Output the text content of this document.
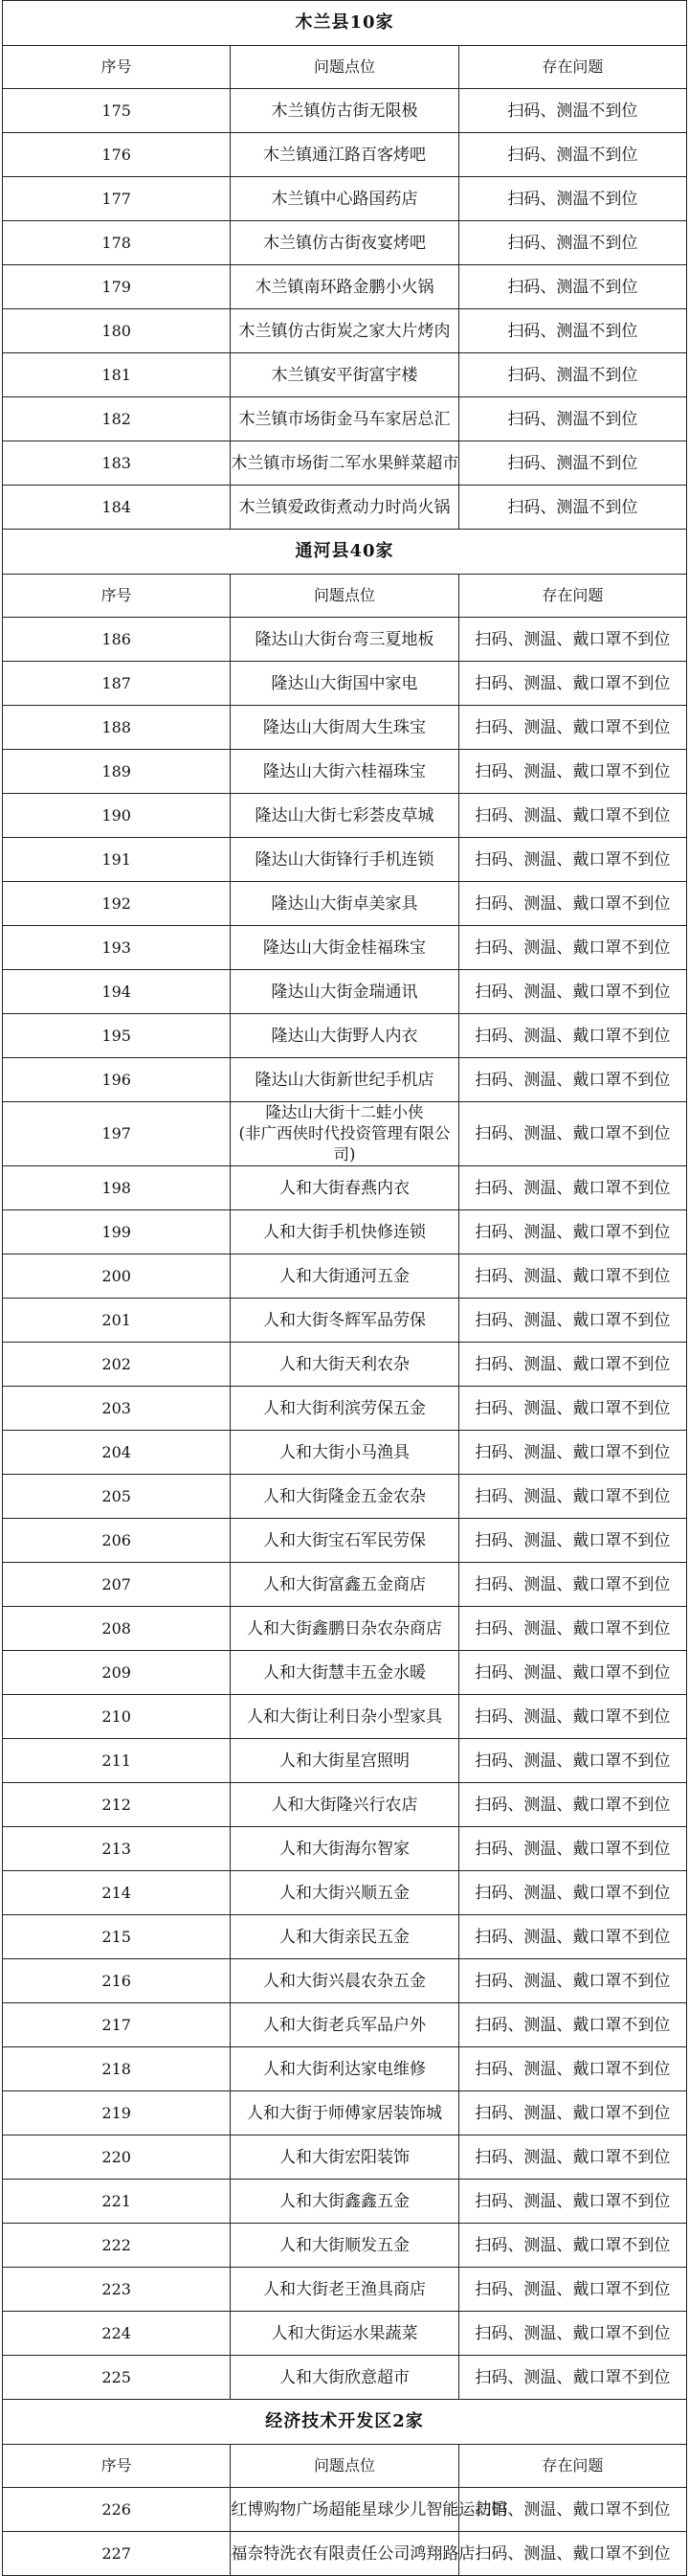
木兰县10家		
序号	问题点位	存在问题
175	木兰镇仿古街无限极	扫码、测温不到位
176	木兰镇通江路百客烤吧	扫码、测温不到位
177	木兰镇中心路国药店	扫码、测温不到位
178	木兰镇仿古街夜宴烤吧	扫码、测温不到位
179	木兰镇南环路金鹏小火锅	扫码、测温不到位
180	木兰镇仿古街炭之家大片烤肉	扫码、测温不到位
181	木兰镇安平街富宇楼	扫码、测温不到位
182	木兰镇市场街金马车家居总汇	扫码、测温不到位
183	木兰镇市场街二军水果鲜菜超市	扫码、测温不到位
184	木兰镇爱政街煮动力时尚火锅	扫码、测温不到位
通河县40家		
序号	问题点位	存在问题
186	隆达山大街台弯三夏地板	扫码、测温、戴口罩不到位
187	隆达山大街国中家电	扫码、测温、戴口罩不到位
188	隆达山大街周大生珠宝	扫码、测温、戴口罩不到位
189	隆达山大街六桂福珠宝	扫码、测温、戴口罩不到位
190	隆达山大街七彩荟皮草城	扫码、测温、戴口罩不到位
191	隆达山大街锋行手机连锁	扫码、测温、戴口罩不到位
192	隆达山大街卓美家具	扫码、测温、戴口罩不到位
193	隆达山大街金桂福珠宝	扫码、测温、戴口罩不到位
194	隆达山大街金瑞通讯	扫码、测温、戴口罩不到位
195	隆达山大街野人内衣	扫码、测温、戴口罩不到位
196	隆达山大街新世纪手机店	扫码、测温、戴口罩不到位
197	隆达山大街十二蛙小侠
(非广西侠时代投资管理有限公司)	扫码、测温、戴口罩不到位
198	人和大街春燕内衣	扫码、测温、戴口罩不到位
199	人和大街手机快修连锁	扫码、测温、戴口罩不到位
200	人和大街通河五金	扫码、测温、戴口罩不到位
201	人和大街冬辉军品劳保	扫码、测温、戴口罩不到位
202	人和大街天利农杂	扫码、测温、戴口罩不到位
203	人和大街利滨劳保五金	扫码、测温、戴口罩不到位
204	人和大街小马渔具	扫码、测温、戴口罩不到位
205	人和大街隆金五金农杂	扫码、测温、戴口罩不到位
206	人和大街宝石军民劳保	扫码、测温、戴口罩不到位
207	人和大街富鑫五金商店	扫码、测温、戴口罩不到位
208	人和大街鑫鹏日杂农杂商店	扫码、测温、戴口罩不到位
209	人和大街慧丰五金水暖	扫码、测温、戴口罩不到位
210	人和大街让利日杂小型家具	扫码、测温、戴口罩不到位
211	人和大街星宫照明	扫码、测温、戴口罩不到位
212	人和大街隆兴行农店	扫码、测温、戴口罩不到位
213	人和大街海尔智家	扫码、测温、戴口罩不到位
214	人和大街兴顺五金	扫码、测温、戴口罩不到位
215	人和大街亲民五金	扫码、测温、戴口罩不到位
216	人和大街兴晨农杂五金	扫码、测温、戴口罩不到位
217	人和大街老兵军品户外	扫码、测温、戴口罩不到位
218	人和大街利达家电维修	扫码、测温、戴口罩不到位
219	人和大街于师傅家居装饰城	扫码、测温、戴口罩不到位
220	人和大街宏阳装饰	扫码、测温、戴口罩不到位
221	人和大街鑫鑫五金	扫码、测温、戴口罩不到位
222	人和大街顺发五金	扫码、测温、戴口罩不到位
223	人和大街老王渔具商店	扫码、测温、戴口罩不到位
224	人和大街运水果蔬菜	扫码、测温、戴口罩不到位
225	人和大街欣意超市	扫码、测温、戴口罩不到位
经济技术开发区2家		
序号	问题点位	存在问题
226	红博购物广场超能星球少儿智能运动馆	扫码、测温、戴口罩不到位
227	福奈特洗衣有限责任公司鸿翔路店	扫码、测温、戴口罩不到位
